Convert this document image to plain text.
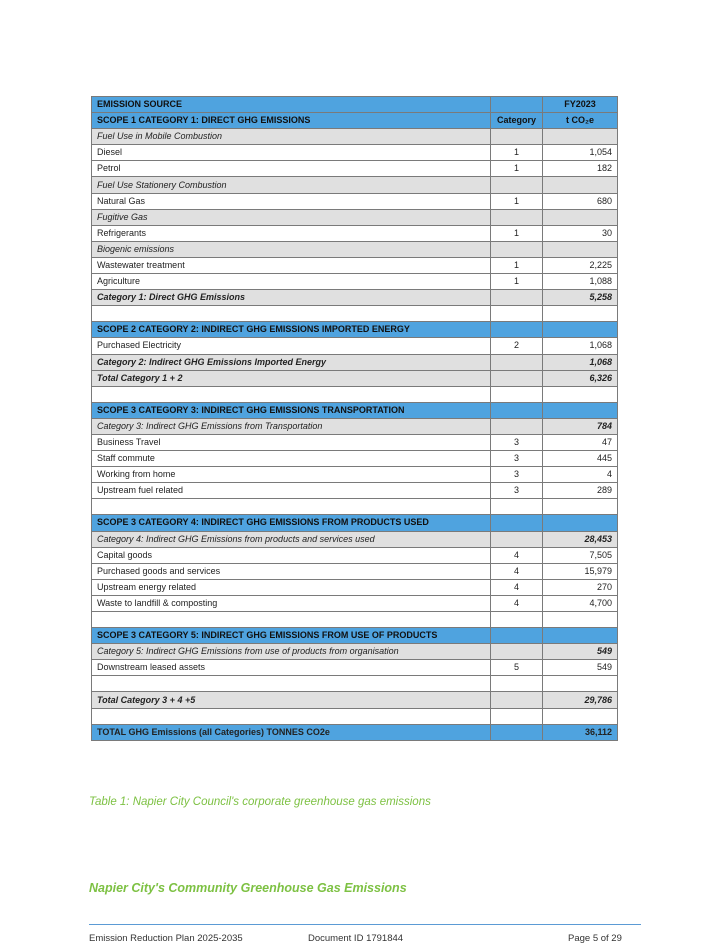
EMISSION SOURCE		FY2023
SCOPE 1 CATEGORY 1: DIRECT GHG EMISSIONS	Category	t CO₂e
Fuel Use in Mobile Combustion		
Diesel	1	1,054
Petrol	1	182
Fuel Use Stationery Combustion		
Natural Gas	1	680
Fugitive Gas		
Refrigerants	1	30
Biogenic emissions		
Wastewater treatment	1	2,225
Agriculture	1	1,088
Category 1: Direct GHG Emissions		5,258

SCOPE 2 CATEGORY 2: INDIRECT GHG EMISSIONS IMPORTED ENERGY		
Purchased Electricity	2	1,068
Category 2: Indirect GHG Emissions Imported Energy		1,068
Total Category 1 + 2		6,326

SCOPE 3 CATEGORY 3: INDIRECT GHG EMISSIONS TRANSPORTATION		
Category 3: Indirect GHG Emissions from Transportation		784
Business Travel	3	47
Staff commute	3	445
Working from home	3	4
Upstream fuel related	3	289

SCOPE 3 CATEGORY 4: INDIRECT GHG EMISSIONS FROM PRODUCTS USED		
Category 4: Indirect GHG Emissions from products and services used		28,453
Capital goods	4	7,505
Purchased goods and services	4	15,979
Upstream energy related	4	270
Waste to landfill & composting	4	4,700

SCOPE 3 CATEGORY 5: INDIRECT GHG EMISSIONS FROM USE OF PRODUCTS		
Category 5: Indirect GHG Emissions from use of products from organisation		549
Downstream leased assets	5	549

Total Category 3 + 4 +5		29,786

TOTAL GHG Emissions (all Categories) TONNES CO2e		36,112
Table 1: Napier City Council's corporate greenhouse gas emissions
Napier City's Community Greenhouse Gas Emissions
Emission Reduction Plan 2025-2035	Document ID 1791844	Page 5 of 29
